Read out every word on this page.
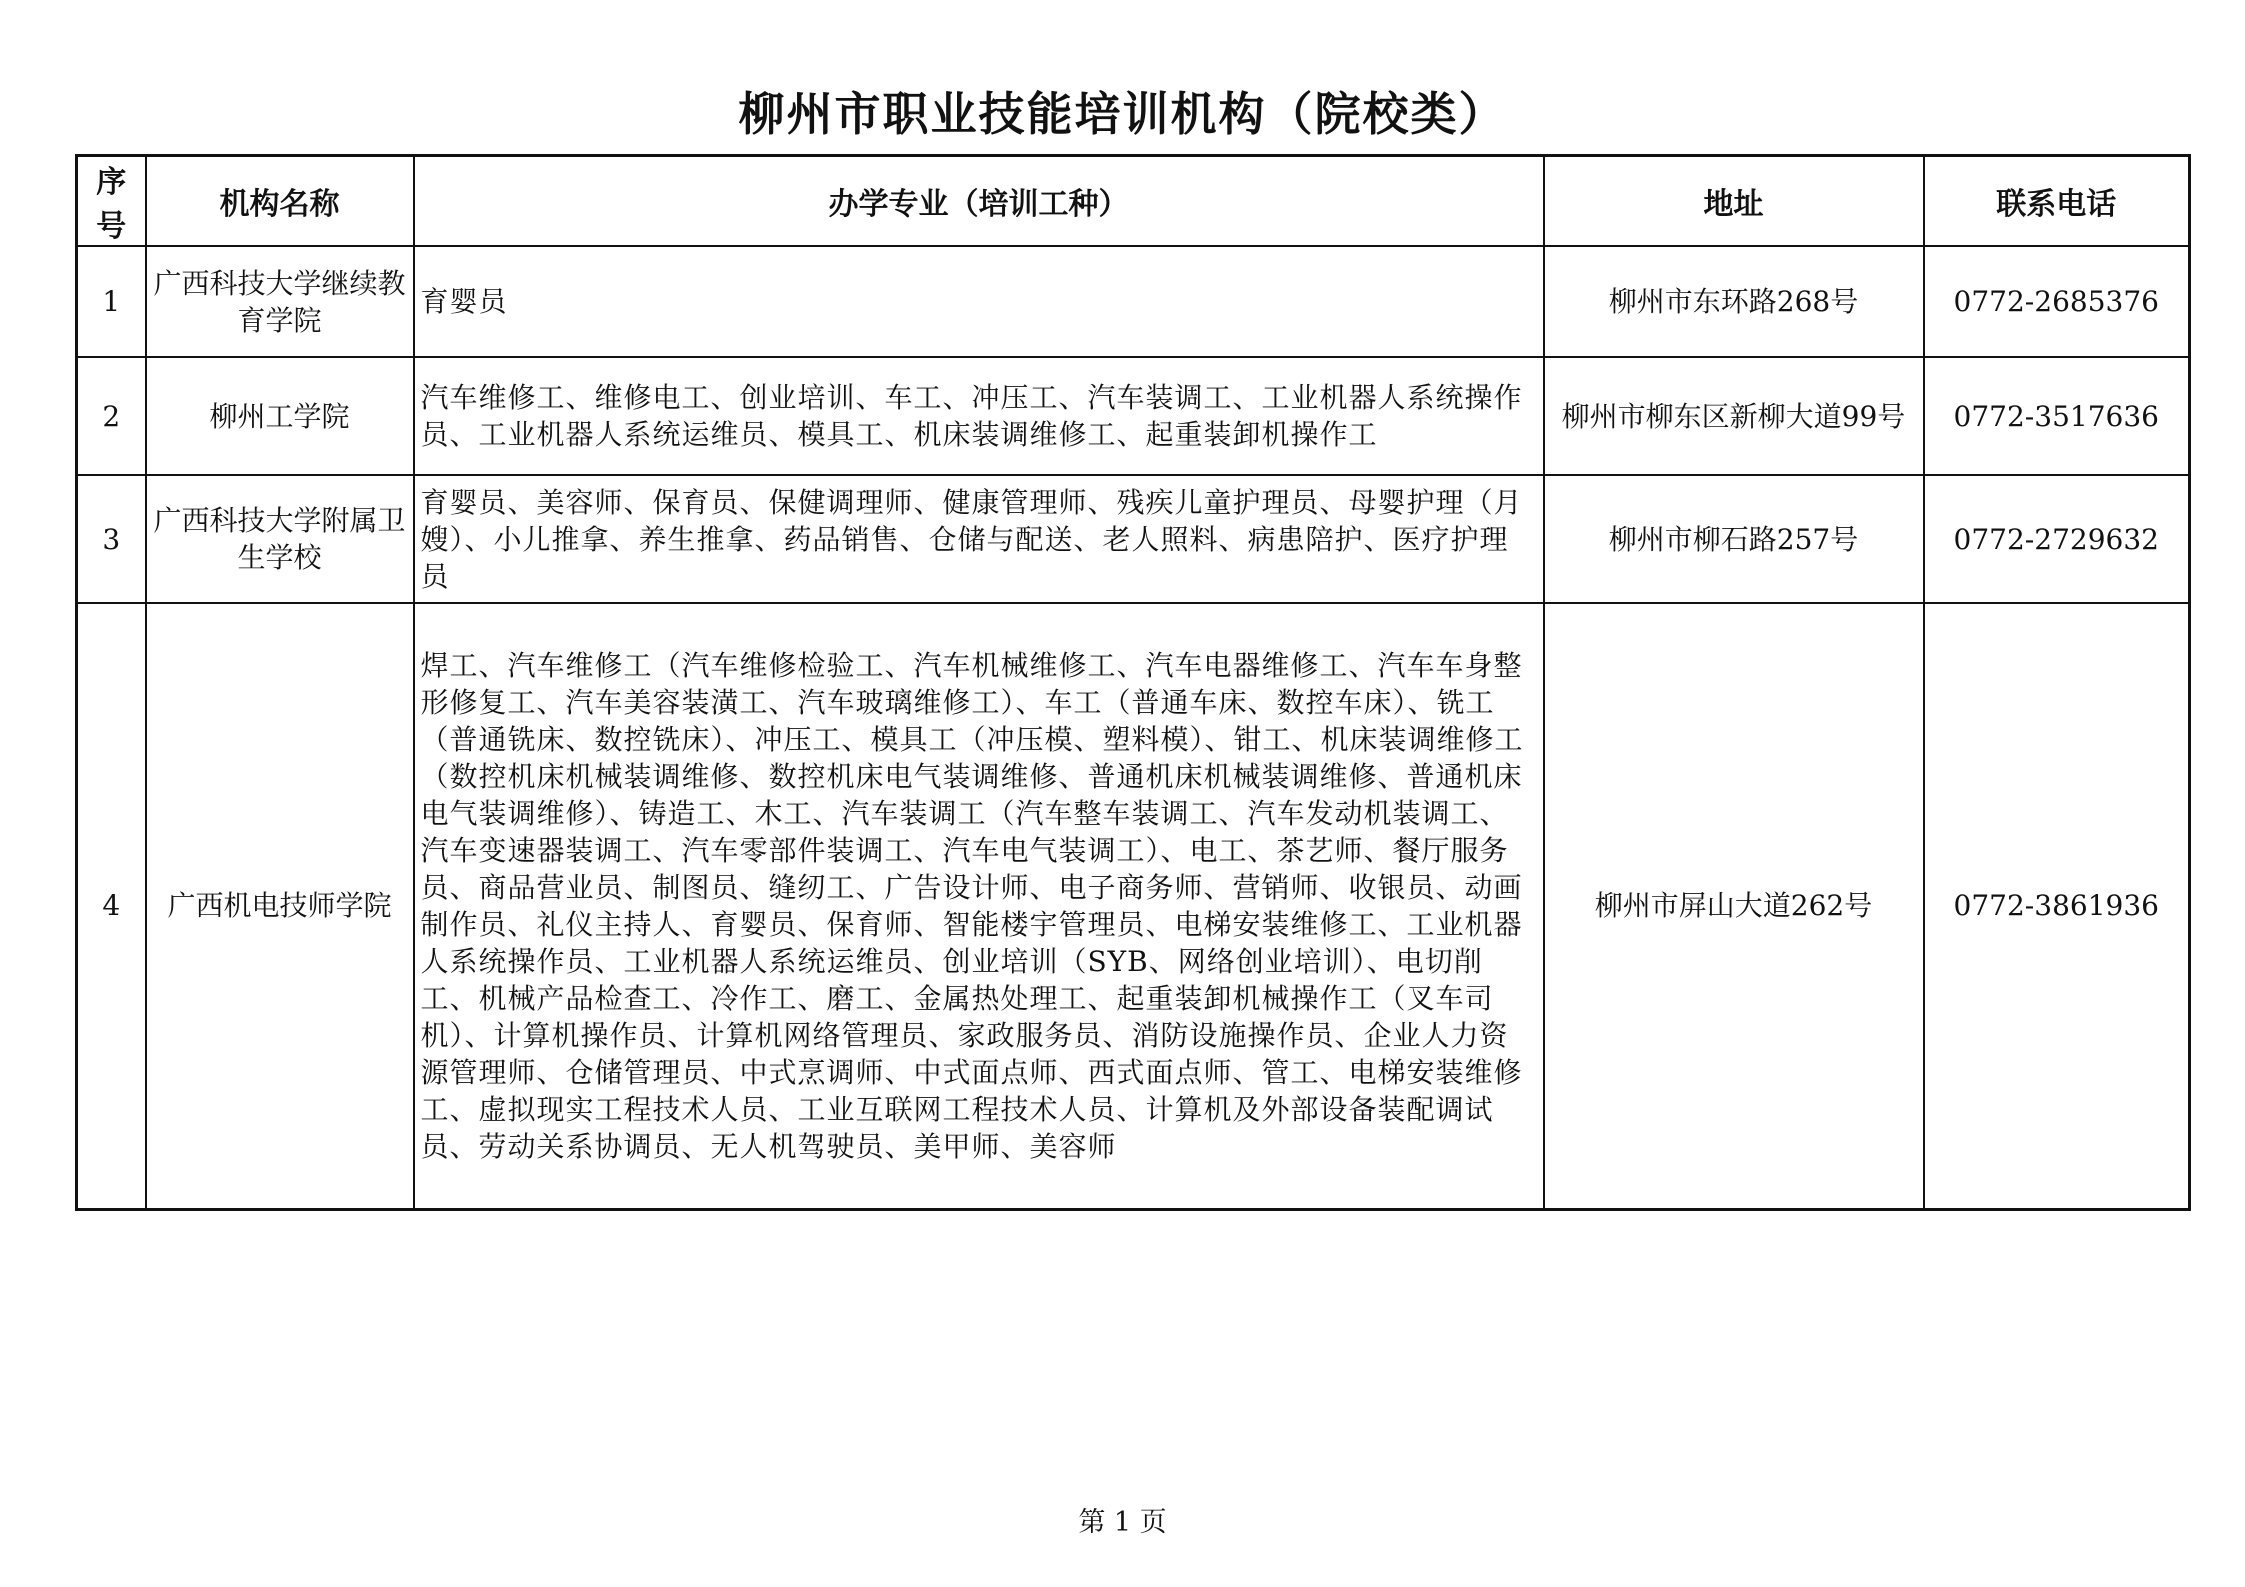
柳州市职业技能培训机构（院校类）
序号	机构名称	办学专业（培训工种）	地址	联系电话
1	广西科技大学继续教育学院	育婴员	柳州市东环路268号	0772-2685376
2	柳州工学院	汽车维修工、维修电工、创业培训、车工、冲压工、汽车装调工、工业机器人系统操作员、工业机器人系统运维员、模具工、机床装调维修工、起重装卸机操作工	柳州市柳东区新柳大道99号	0772-3517636
3	广西科技大学附属卫生学校	育婴员、美容师、保育员、保健调理师、健康管理师、残疾儿童护理员、母婴护理（月嫂）、小儿推拿、养生推拿、药品销售、仓储与配送、老人照料、病患陪护、医疗护理员	柳州市柳石路257号	0772-2729632
4	广西机电技师学院	焊工、汽车维修工（汽车维修检验工、汽车机械维修工、汽车电器维修工、汽车车身整形修复工、汽车美容装潢工、汽车玻璃维修工）、车工（普通车床、数控车床）、铣工（普通铣床、数控铣床）、冲压工、模具工（冲压模、塑料模）、钳工、机床装调维修工（数控机床机械装调维修、数控机床电气装调维修、普通机床机械装调维修、普通机床电气装调维修）、铸造工、木工、汽车装调工（汽车整车装调工、汽车发动机装调工、汽车变速器装调工、汽车零部件装调工、汽车电气装调工）、电工、茶艺师、餐厅服务员、商品营业员、制图员、缝纫工、广告设计师、电子商务师、营销师、收银员、动画制作员、礼仪主持人、育婴员、保育师、智能楼宇管理员、电梯安装维修工、工业机器人系统操作员、工业机器人系统运维员、创业培训（SYB、网络创业培训）、电切削工、机械产品检查工、冷作工、磨工、金属热处理工、起重装卸机械操作工（叉车司机）、计算机操作员、计算机网络管理员、家政服务员、消防设施操作员、企业人力资源管理师、仓储管理员、中式烹调师、中式面点师、西式面点师、管工、电梯安装维修工、虚拟现实工程技术人员、工业互联网工程技术人员、计算机及外部设备装配调试员、劳动关系协调员、无人机驾驶员、美甲师、美容师	柳州市屏山大道262号	0772-3861936
第 1 页
